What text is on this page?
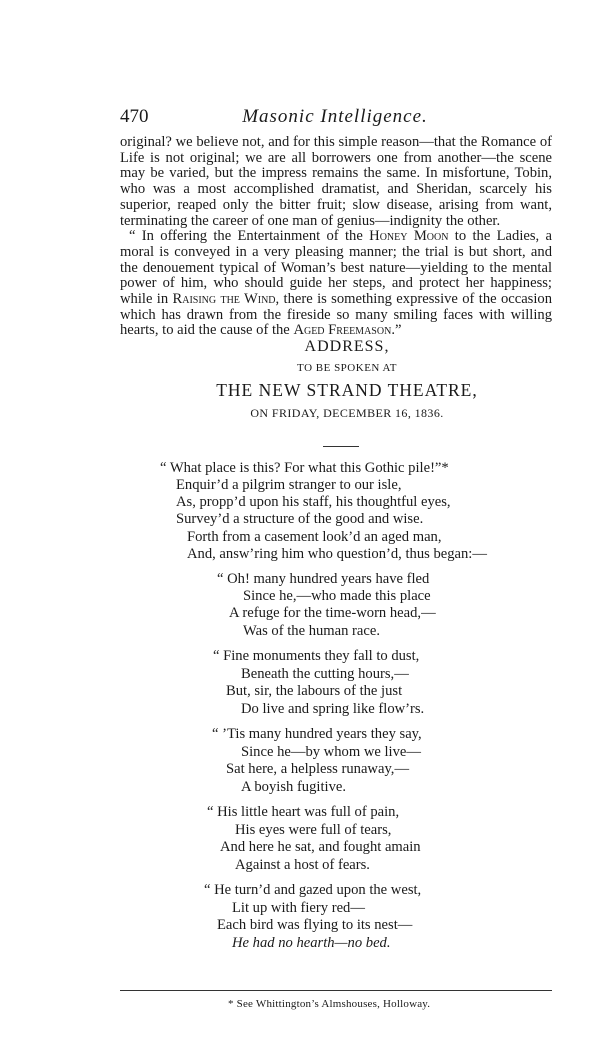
470	Masonic Intelligence.

original? we believe not, and for this simple reason—that the Romance of Life is not original; we are all borrowers one from another—the scene may be varied, but the impress remains the same. In misfortune, Tobin, who was a most accomplished dramatist, and Sheridan, scarcely his superior, reaped only the bitter fruit; slow disease, arising from want, terminating the career of one man of genius—indignity the other.

“ In offering the Entertainment of the Honey Moon to the Ladies, a moral is conveyed in a very pleasing manner; the trial is but short, and the denouement typical of Woman’s best nature—yielding to the mental power of him, who should guide her steps, and protect her happiness; while in Raising the Wind, there is something expressive of the occasion which has drawn from the fireside so many smiling faces with willing hearts, to aid the cause of the Aged Freemason.”

ADDRESS,
TO BE SPOKEN AT
THE NEW STRAND THEATRE,
ON FRIDAY, DECEMBER 16, 1836.
“ What place is this? For what this Gothic pile!”*
Enquir’d a pilgrim stranger to our isle,
As, propp’d upon his staff, his thoughtful eyes,
Survey’d a structure of the good and wise.
Forth from a casement look’d an aged man,
And, answ’ring him who question’d, thus began:—
“ Oh! many hundred years have fled
Since he,—who made this place
A refuge for the time-worn head,—
Was of the human race.
“ Fine monuments they fall to dust,
Beneath the cutting hours,—
But, sir, the labours of the just
Do live and spring like flow’rs.
“ ’Tis many hundred years they say,
Since he—by whom we live—
Sat here, a helpless runaway,—
A boyish fugitive.
“ His little heart was full of pain,
His eyes were full of tears,
And here he sat, and fought amain
Against a host of fears.
“ He turn’d and gazed upon the west,
Lit up with fiery red—
Each bird was flying to its nest—
He had no hearth—no bed.
* See Whittington’s Almshouses, Holloway.
